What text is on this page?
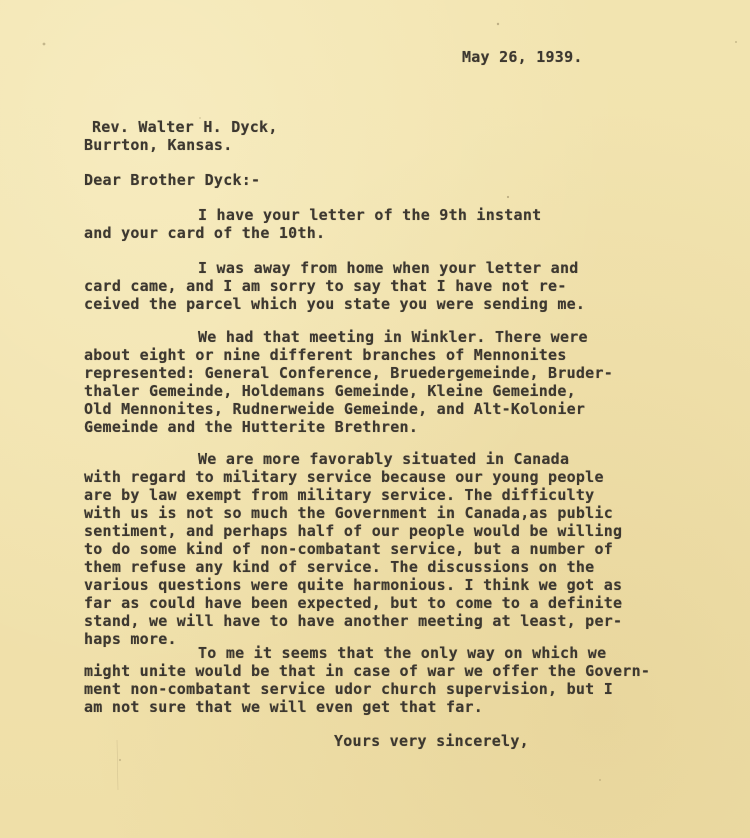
May 26, 1939.

Rev. Walter H. Dyck,

Burrton, Kansas.

Dear Brother Dyck:-

I have your letter of the 9th instant

and your card of the 10th.

I was away from home when your letter and

card came, and I am sorry to say that I have not re-

ceived the parcel which you state you were sending me.

We had that meeting in Winkler. There were

about eight or nine different branches of Mennonites

represented: General Conference, Bruedergemeinde, Bruder-

thaler Gemeinde, Holdemans Gemeinde, Kleine Gemeinde,

Old Mennonites, Rudnerweide Gemeinde, and Alt-Kolonier

Gemeinde and the Hutterite Brethren.

We are more favorably situated in Canada

with regard to military service because our young people

are by law exempt from military service. The difficulty

with us is not so much the Government in Canada,as public

sentiment, and perhaps half of our people would be willing

to do some kind of non-combatant service, but a number of

them refuse any kind of service. The discussions on the

various questions were quite harmonious. I think we got as

far as could have been expected, but to come to a definite

stand, we will have to have another meeting at least, per-

haps more.

To me it seems that the only way on which we

might unite would be that in case of war we offer the Govern-

ment non-combatant service udor church supervision, but I

am not sure that we will even get that far.

Yours very sincerely,
